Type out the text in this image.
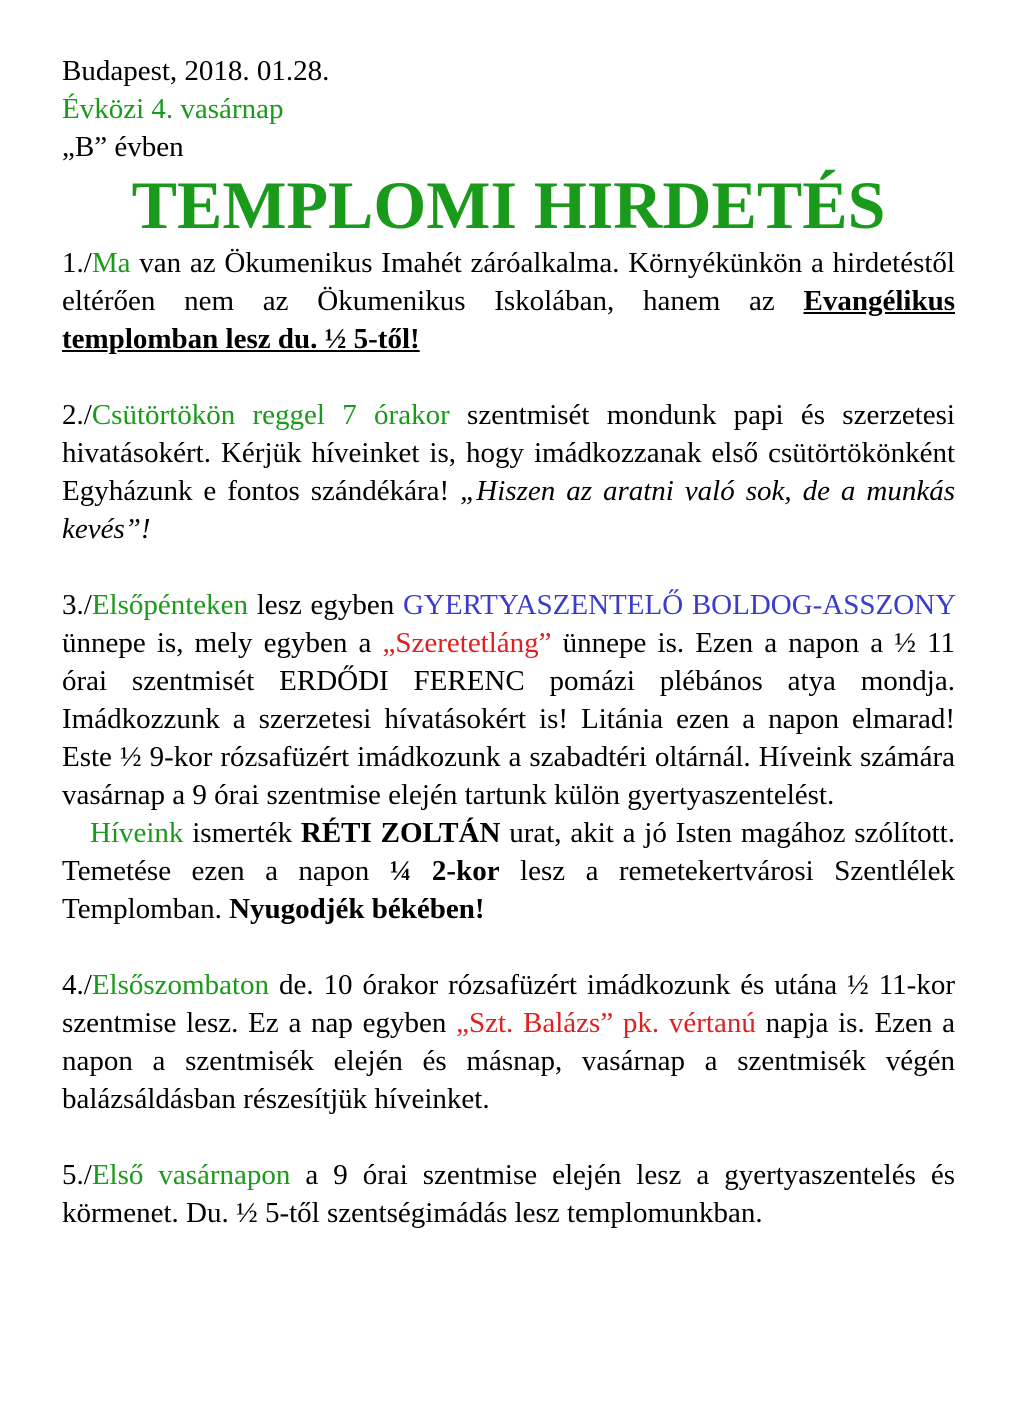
Budapest, 2018. 01.28.
Évközi 4. vasárnap
„B” évben
TEMPLOMI HIRDETÉS

1./Ma van az Ökumenikus Imahét záróalkalma. Környékünkön a hirdetéstől eltérően nem az Ökumenikus Iskolában, hanem az Evangélikus templomban lesz du. ½ 5-től!

2./Csütörtökön reggel 7 órakor szentmisét mondunk papi és szerzetesi hivatásokért. Kérjük híveinket is, hogy imádkozzanak első csütörtökönként Egyházunk e fontos szándékára! „Hiszen az aratni való sok, de a munkás kevés”!

3./Elsőpénteken lesz egyben GYERTYASZENTELŐ BOLDOG-ASSZONY ünnepe is, mely egyben a „Szeretetláng” ünnepe is. Ezen a napon a ½ 11 órai szentmisét ERDŐDI FERENC pomázi plébános atya mondja. Imádkozzunk a szerzetesi hívatásokért is! Litánia ezen a napon elmarad! Este ½ 9-kor rózsafüzért imádkozunk a szabadtéri oltárnál. Híveink számára vasárnap a 9 órai szentmise elején tartunk külön gyertyaszentelést.

Híveink ismerték RÉTI ZOLTÁN urat, akit a jó Isten magához szólított. Temetése ezen a napon ¼ 2-kor lesz a remetekertvárosi Szentlélek Templomban. Nyugodjék békében!

4./Elsőszombaton de. 10 órakor rózsafüzért imádkozunk és utána ½ 11-kor szentmise lesz. Ez a nap egyben „Szt. Balázs” pk. vértanú napja is. Ezen a napon a szentmisék elején és másnap, vasárnap a szentmisék végén balázsáldásban részesítjük híveinket.

5./Első vasárnapon a 9 órai szentmise elején lesz a gyertyaszentelés és körmenet. Du. ½ 5-től szentségimádás lesz templomunkban.
